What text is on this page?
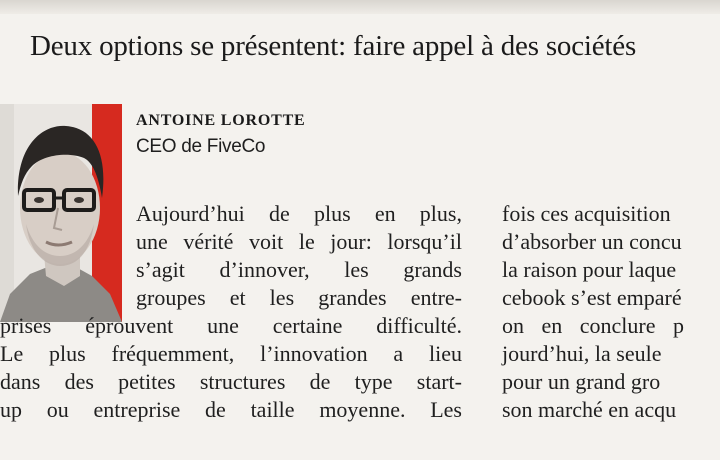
Deux options se présentent: faire appel à des sociétés
ANTOINE LOROTTE
CEO de FiveCo
Aujourd’hui de plus en plus,
une vérité voit le jour: lorsqu’il
s’agit d’innover, les grands
groupes et les grandes entre-
prises éprouvent une certaine difficulté.
Le plus fréquemment, l’innovation a lieu
dans des petites structures de type start-
up ou entreprise de taille moyenne. Les
fois ces acquisition
d’absorber un concu
la raison pour laque
cebook s’est emparé
on en conclure p
jourd’hui, la seule
pour un grand gro
son marché en acqu
